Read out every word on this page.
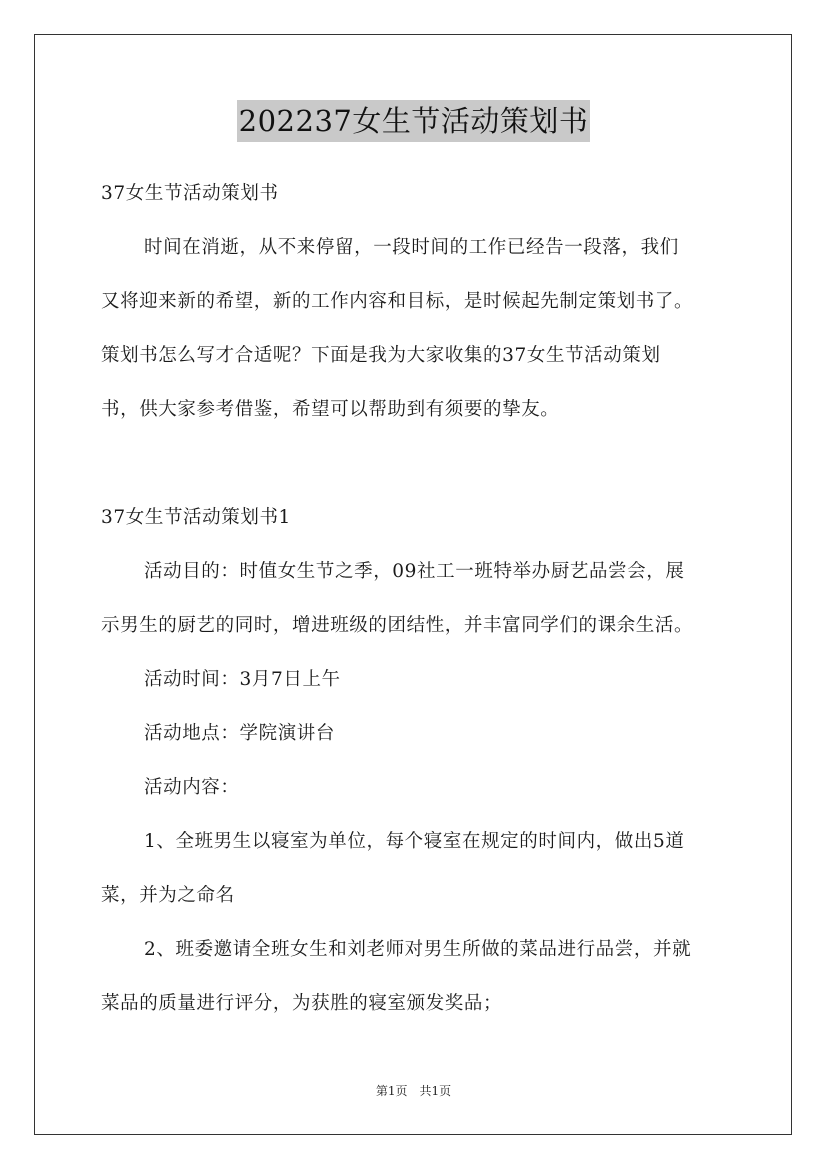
202237女生节活动策划书
37女生节活动策划书
时间在消逝，从不来停留，一段时间的工作已经告一段落，我们
又将迎来新的希望，新的工作内容和目标，是时候起先制定策划书了。
策划书怎么写才合适呢？下面是我为大家收集的37女生节活动策划
书，供大家参考借鉴，希望可以帮助到有须要的挚友。
37女生节活动策划书1
活动目的：时值女生节之季，09社工一班特举办厨艺品尝会，展
示男生的厨艺的同时，增进班级的团结性，并丰富同学们的课余生活。
活动时间：3月7日上午
活动地点：学院演讲台
活动内容：
1、全班男生以寝室为单位，每个寝室在规定的时间内，做出5道
菜，并为之命名
2、班委邀请全班女生和刘老师对男生所做的菜品进行品尝，并就
菜品的质量进行评分，为获胜的寝室颁发奖品；
第1页 共1页
